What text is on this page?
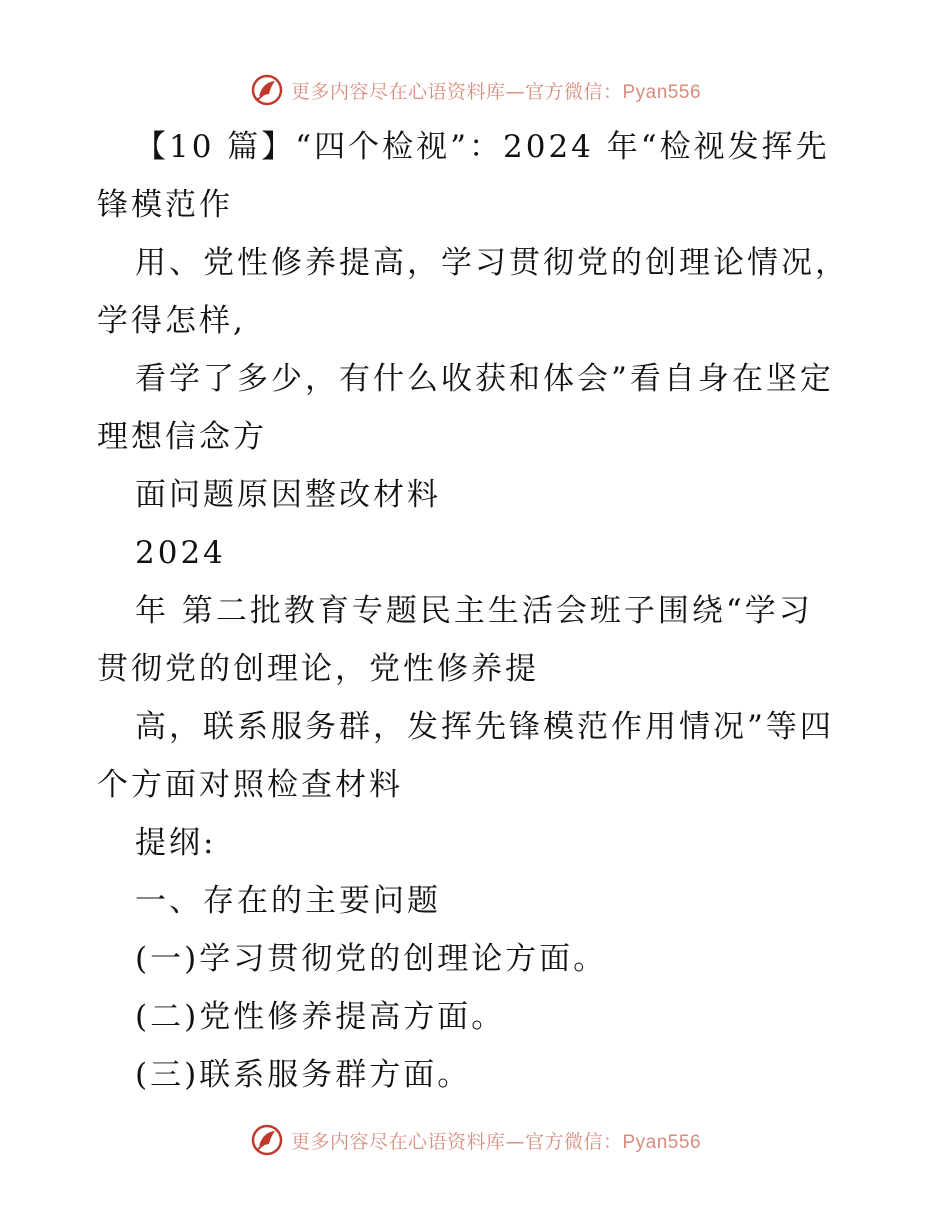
更多内容尽在心语资料库—官方微信：Pyan556
【10 篇】“四个检视”：2024 年“检视发挥先
锋模范作
用、党性修养提高，学习贯彻党的创理论情况，
学得怎样,
看学了多少，有什么收获和体会”看自身在坚定
理想信念方
面问题原因整改材料
2024
年 第二批教育专题民主生活会班子围绕“学习
贯彻党的创理论，党性修养提
高，联系服务群，发挥先锋模范作用情况”等四
个方面对照检查材料
提纲:
一、存在的主要问题
(一)学习贯彻党的创理论方面。
(二)党性修养提高方面。
(三)联系服务群方面。
更多内容尽在心语资料库—官方微信：Pyan556
